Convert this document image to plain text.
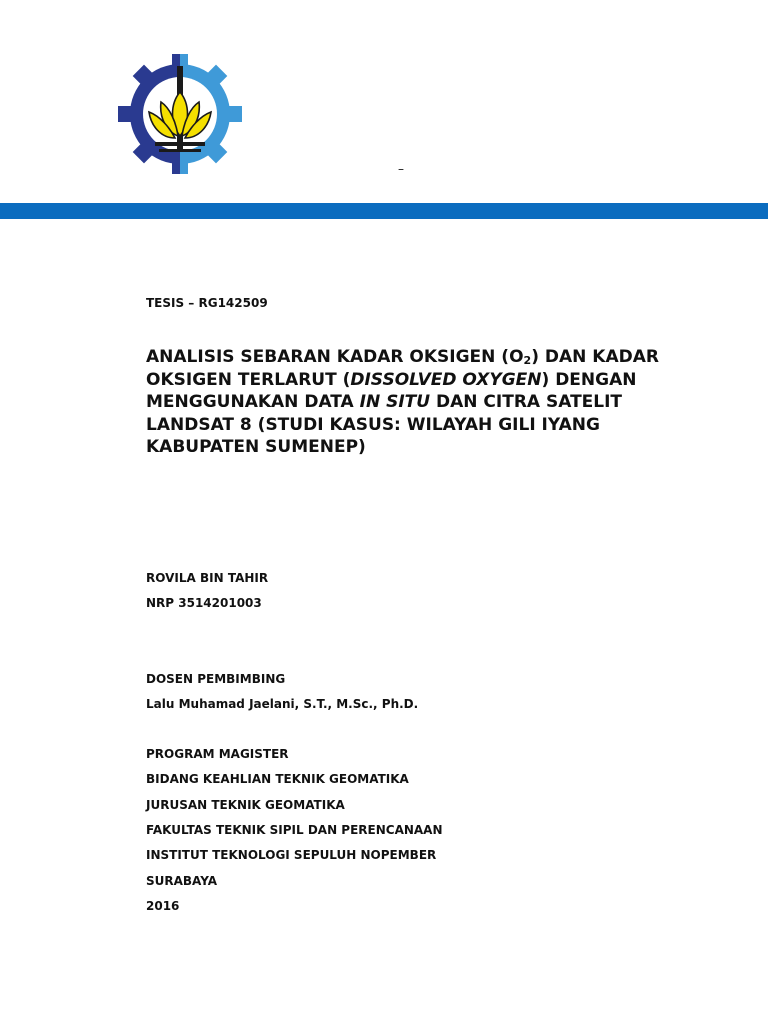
–
TESIS – RG142509
ANALISIS SEBARAN KADAR OKSIGEN $(O_2)$ DAN KADAR
OKSIGEN TERLARUT (DISSOLVED OXYGEN) DENGAN
MENGGUNAKAN DATA IN SITU DAN CITRA SATELIT
LANDSAT 8 (STUDI KASUS: WILAYAH GILI IYANG
KABUPATEN SUMENEP)
ROVILA BIN TAHIR
NRP 3514201003
DOSEN PEMBIMBING
Lalu Muhamad Jaelani, S.T., M.Sc., Ph.D.
PROGRAM MAGISTER
BIDANG KEAHLIAN TEKNIK GEOMATIKA
JURUSAN TEKNIK GEOMATIKA
FAKULTAS TEKNIK SIPIL DAN PERENCANAAN
INSTITUT TEKNOLOGI SEPULUH NOPEMBER
SURABAYA
2016
